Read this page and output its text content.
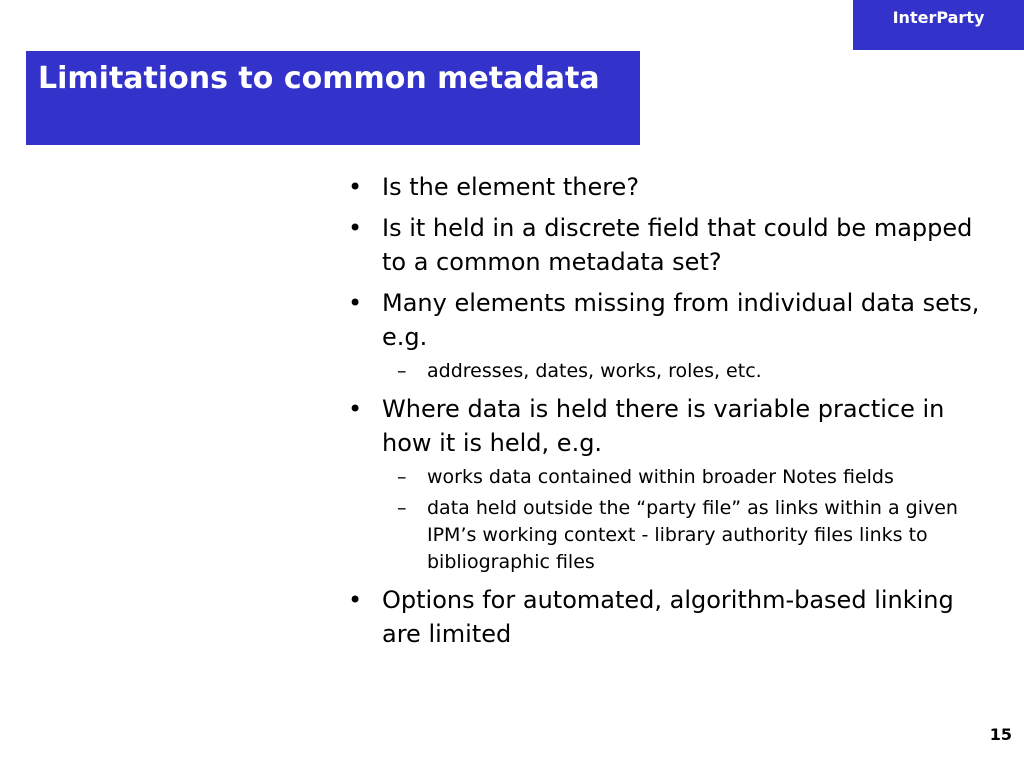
InterParty
Limitations to common metadata
• Is the element there?
• Is it held in a discrete field that could be mapped to a common metadata set?
• Many elements missing from individual data sets, e.g.
– addresses, dates, works, roles, etc.
• Where data is held there is variable practice in how it is held, e.g.
– works data contained within broader Notes fields
– data held outside the “party file” as links within a given IPM’s working context - library authority files links to bibliographic files
• Options for automated, algorithm-based linking are limited
15
